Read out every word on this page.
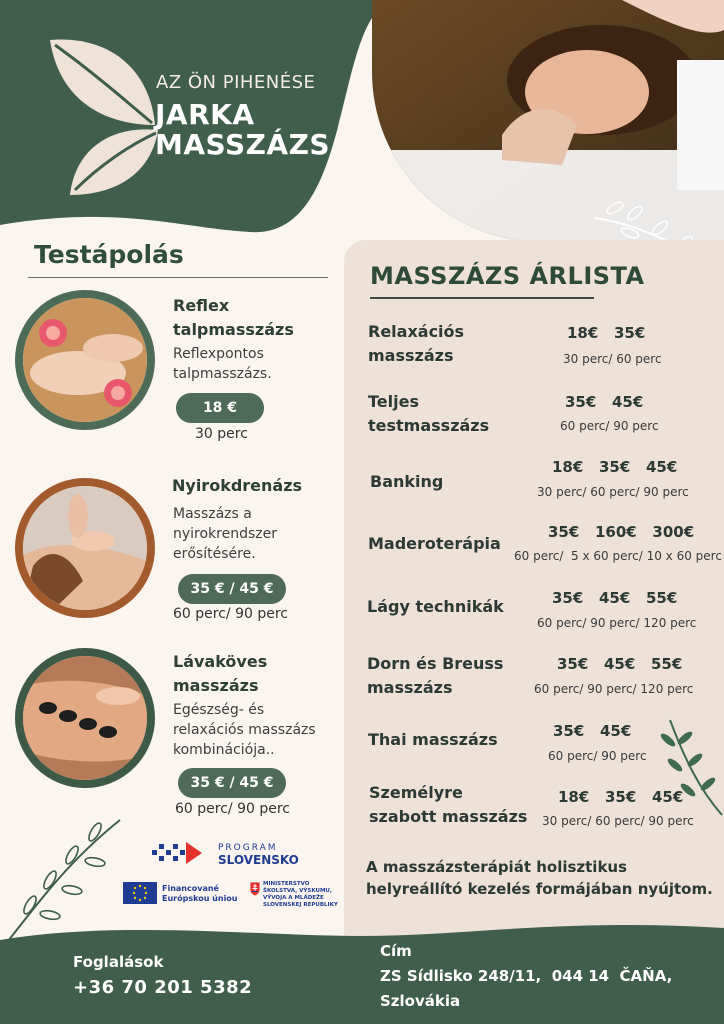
AZ ÖN PIHENÉSE
JARKA
MASSZÁZS
Testápolás
Reflex
talpmasszázs
Reflexpontos
talpmasszázs.
18 €
30 perc
Nyirokdrenázs
Masszázs a
nyirokrendszer
erősítésére.
35 € / 45 €
60 perc/ 90 perc
Lávaköves
masszázs
Egészség- és
relaxációs masszázs
kombinációja..
35 € / 45 €
60 perc/ 90 perc
MASSZÁZS ÁRLISTA
Relaxációs
masszázs
18€   35€
30 perc/ 60 perc
Teljes
testmasszázs
35€   45€
60 perc/ 90 perc
Banking
18€   35€   45€
30 perc/ 60 perc/ 90 perc
Maderoterápia
35€   160€   300€
60 perc/  5 x 60 perc/ 10 x 60 perc
Lágy technikák	35€   45€   55€
60 perc/ 90 perc/ 120 perc
Dorn és Breuss
masszázs
35€   45€   55€
60 perc/ 90 perc/ 120 perc
Thai masszázs	35€   45€
60 perc/ 90 perc
Személyre
szabott masszázs
18€   35€   45€
30 perc/ 60 perc/ 90 perc
A masszázsterápiát holisztikus
helyreállító kezelés formájában nyújtom.
PROGRAM
SLOVENSKO
Financované
Európskou úniou
MINISTERSTVO
ŠKOLSTVA, VÝSKUMU,
VÝVOJA A MLÁDEŽE
SLOVENSKEJ REPUBLIKY
Foglalások
+36 70 201 5382
Cím
ZS Sídlisko 248/11,  044 14  ČAŇA,
Szlovákia
